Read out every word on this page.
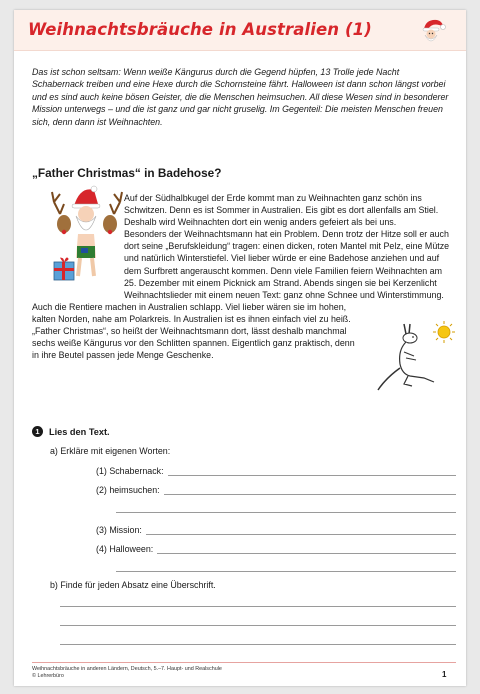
Weihnachtsbräuche in Australien (1)

Das ist schon seltsam: Wenn weiße Kängurus durch die Gegend hüpfen, 13 Trolle jede Nacht Schabernack treiben und eine Hexe durch die Schornsteine fährt. Halloween ist dann schon längst vorbei und es sind auch keine bösen Geister, die die Menschen heimsuchen. All diese Wesen sind in besonderer Mission unterwegs – und die ist ganz und gar nicht gruselig. Im Gegenteil: Die meisten Menschen freuen sich, denn dann ist Weihnachten.

„Father Christmas“ in Badehose?

Auf der Südhalbkugel der Erde kommt man zu Weihnachten ganz schön ins Schwitzen. Denn es ist Sommer in Australien. Eis gibt es dort allenfalls am Stiel. Deshalb wird Weihnachten dort ein wenig anders gefeiert als bei uns.

Besonders der Weihnachtsmann hat ein Problem. Denn trotz der Hitze soll er auch dort seine „Berufskleidung“ tragen: einen dicken, roten Mantel mit Pelz, eine Mütze und natürlich Winterstiefel. Viel lieber würde er eine Badehose anziehen und auf dem Surfbrett angerauscht kommen. Denn viele Familien feiern Weihnachten am 25. Dezember mit einem Picknick am Strand. Abends singen sie bei Kerzenlicht Weihnachtslieder mit einem neuen Text: ganz ohne Schnee und Winterstimmung.

Auch die Rentiere machen in Australien schlapp. Viel lieber wären sie im hohen, kalten Norden, nahe am Polarkreis. In Australien ist es ihnen einfach viel zu heiß. „Father Christmas“, so heißt der Weihnachtsmann dort, lässt deshalb manchmal sechs weiße Kängurus vor den Schlitten spannen. Eigentlich ganz praktisch, denn in ihre Beutel passen jede Menge Geschenke.

1	Lies den Text.
a) Erkläre mit eigenen Worten:
(1) Schabernack:
(2) heimsuchen:
(3) Mission:
(4) Halloween:
b) Finde für jeden Absatz eine Überschrift.

Weihnachtsbräuche in anderen Ländern, Deutsch, 5.–7. Haupt- und Realschule

© Lehrerbüro	1
